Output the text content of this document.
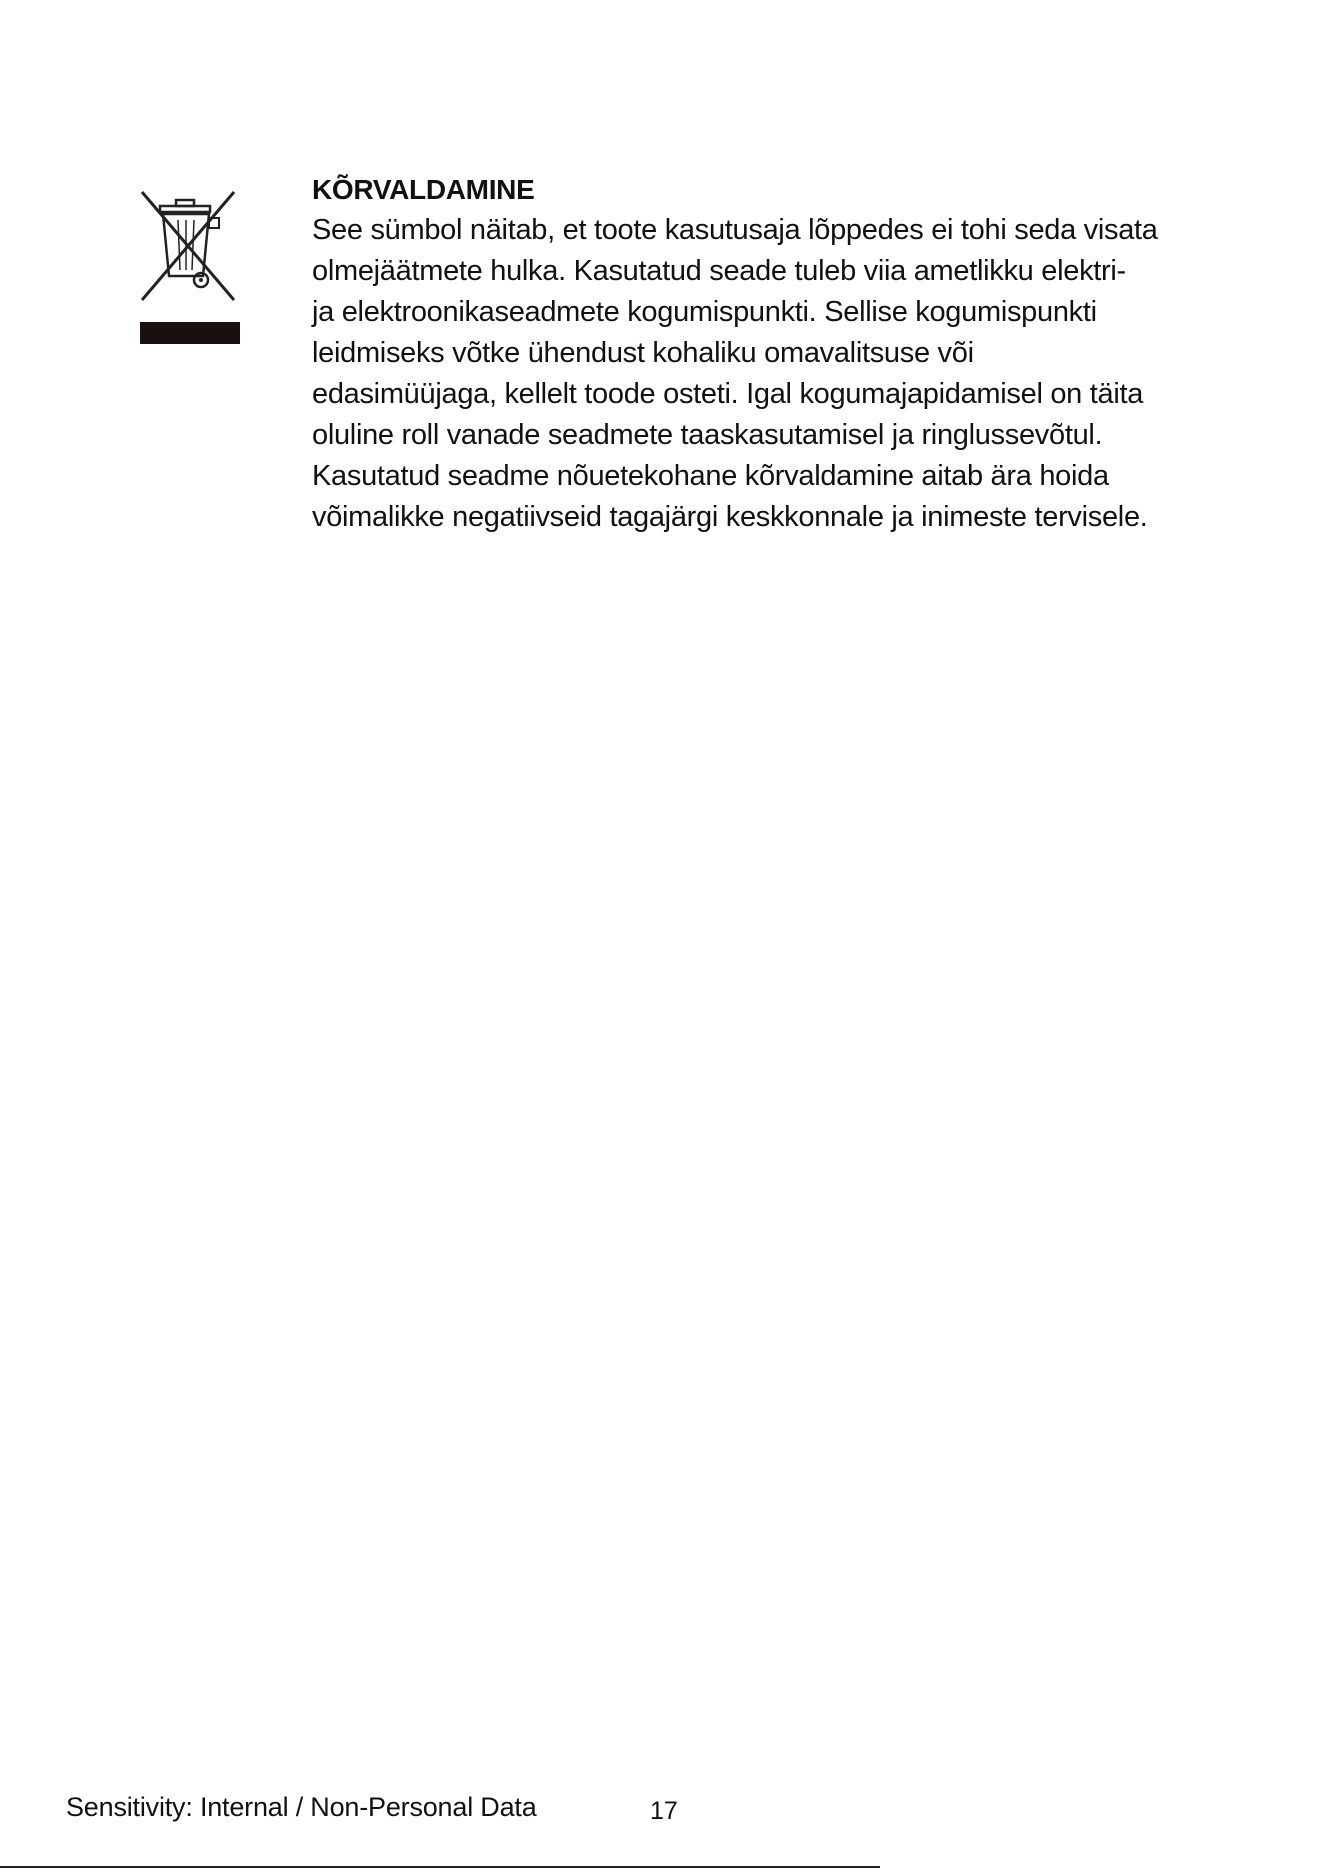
KÕRVALDAMINE

See sümbol näitab, et toote kasutusaja lõppedes ei tohi seda visata
olmejäätmete hulka. Kasutatud seade tuleb viia ametlikku elektri-
ja elektroonikaseadmete kogumispunkti. Sellise kogumispunkti
leidmiseks võtke ühendust kohaliku omavalitsuse või
edasimüüjaga, kellelt toode osteti. Igal kogumajapidamisel on täita
oluline roll vanade seadmete taaskasutamisel ja ringlussevõtul.
Kasutatud seadme nõuetekohane kõrvaldamine aitab ära hoida
võimalikke negatiivseid tagajärgi keskkonnale ja inimeste tervisele.

Sensitivity: Internal / Non-Personal Data	17
